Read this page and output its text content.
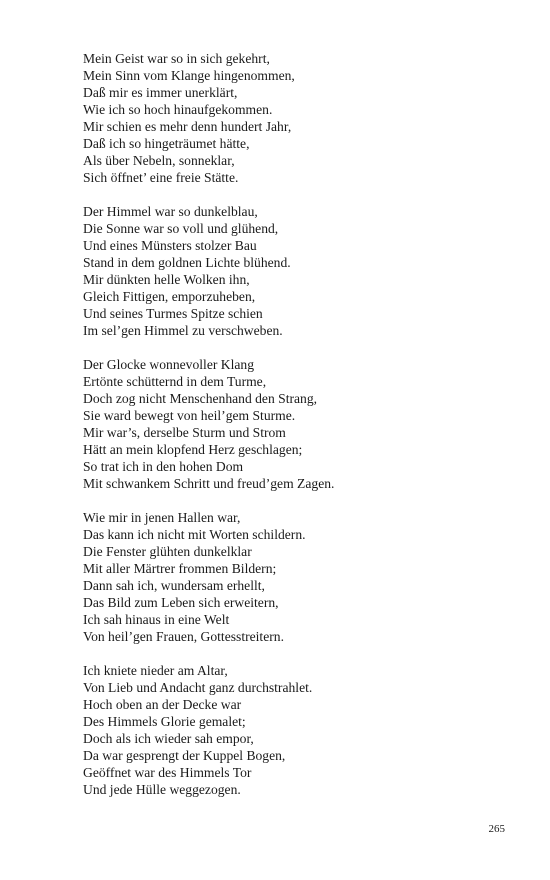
Mein Geist war so in sich gekehrt,
Mein Sinn vom Klange hingenommen,
Daß mir es immer unerklärt,
Wie ich so hoch hinaufgekommen.
Mir schien es mehr denn hundert Jahr,
Daß ich so hingeträumet hätte,
Als über Nebeln, sonneklar,
Sich öffnet’ eine freie Stätte.
Der Himmel war so dunkelblau,
Die Sonne war so voll und glühend,
Und eines Münsters stolzer Bau
Stand in dem goldnen Lichte blühend.
Mir dünkten helle Wolken ihn,
Gleich Fittigen, emporzuheben,
Und seines Turmes Spitze schien
Im sel’gen Himmel zu verschweben.
Der Glocke wonnevoller Klang
Ertönte schütternd in dem Turme,
Doch zog nicht Menschenhand den Strang,
Sie ward bewegt von heil’gem Sturme.
Mir war’s, derselbe Sturm und Strom
Hätt an mein klopfend Herz geschlagen;
So trat ich in den hohen Dom
Mit schwankem Schritt und freud’gem Zagen.
Wie mir in jenen Hallen war,
Das kann ich nicht mit Worten schildern.
Die Fenster glühten dunkelklar
Mit aller Märtrer frommen Bildern;
Dann sah ich, wundersam erhellt,
Das Bild zum Leben sich erweitern,
Ich sah hinaus in eine Welt
Von heil’gen Frauen, Gottesstreitern.
Ich kniete nieder am Altar,
Von Lieb und Andacht ganz durchstrahlet.
Hoch oben an der Decke war
Des Himmels Glorie gemalet;
Doch als ich wieder sah empor,
Da war gesprengt der Kuppel Bogen,
Geöffnet war des Himmels Tor
Und jede Hülle weggezogen.
265
